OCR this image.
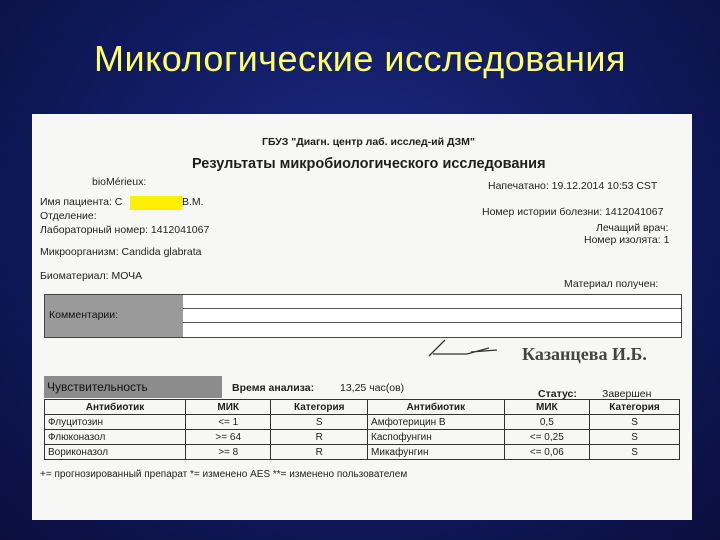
Микологические исследования
ГБУЗ "Диагн. центр лаб. исслед-ий ДЗМ"
Результаты микробиологического исследования
bioMérieux:	Напечатано: 19.12.2014 10:53 CST
Имя пациента: С	В.М.
Отделение:
Лабораторный номер: 1412041067
Номер истории болезни: 1412041067
Лечащий врач:
Номер изолята: 1
Микроорганизм: Candida glabrata
Биоматериал: МОЧА
Материал получен:
Комментарии:
Казанцева И.Б.
Чувствительность	Время анализа: 13,25 час(ов)	Статус: Завершен
Антибиотик	МИК	Категория	Антибиотик	МИК	Категория
Флуцитозин	<= 1	S	Амфотерицин В	0,5	S
Флюконазол	>= 64	R	Каспофунгин	<= 0,25	S
Вориконазол	>= 8	R	Микафунгин	<= 0,06	S
+= прогнозированный препарат *= изменено AES **= изменено пользователем
